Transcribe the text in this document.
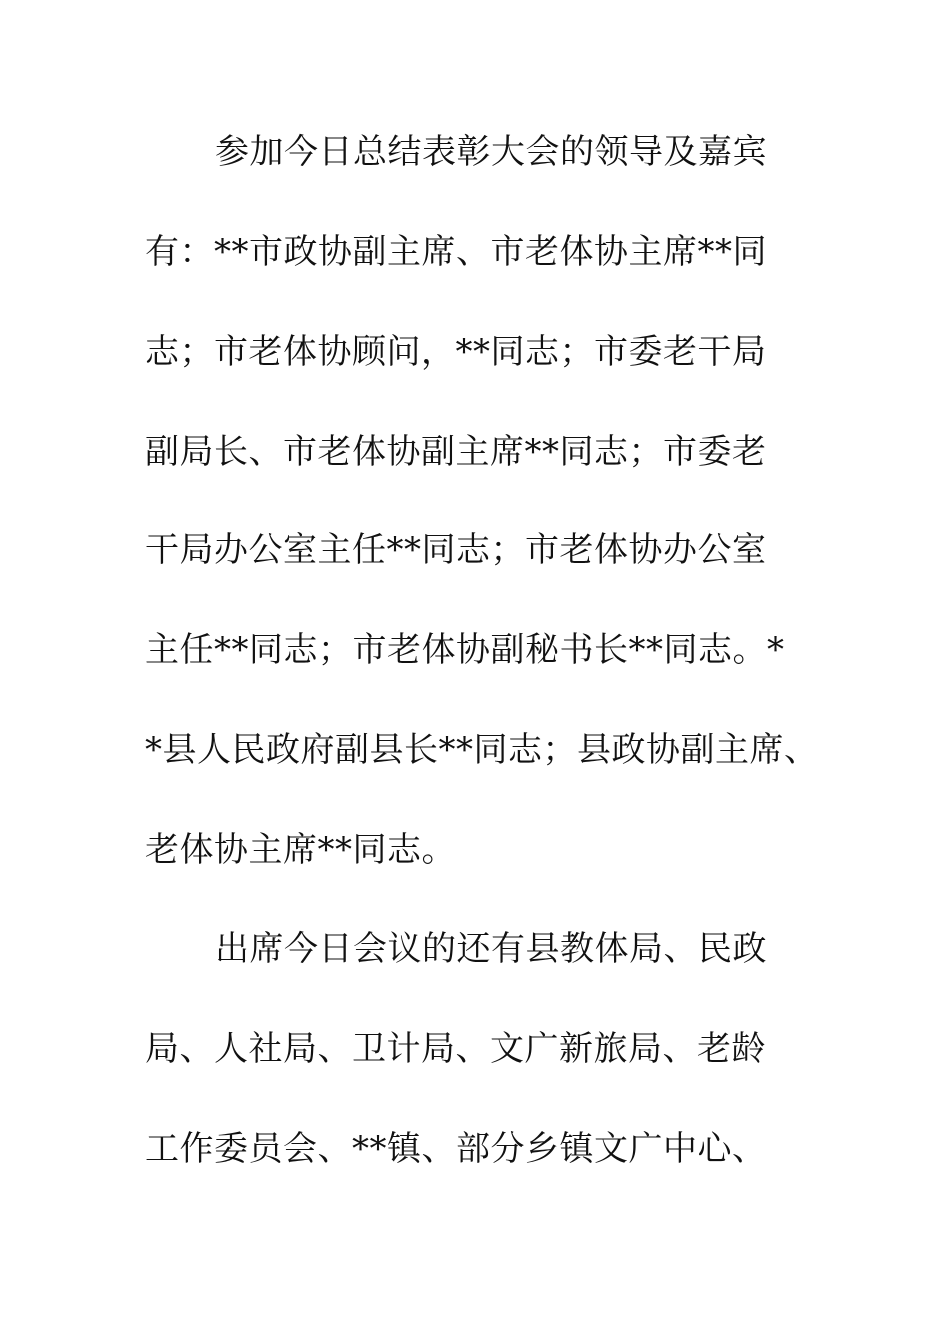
参加今日总结表彰大会的领导及嘉宾
有：**市政协副主席、市老体协主席**同
志；市老体协顾问，**同志；市委老干局
副局长、市老体协副主席**同志；市委老
干局办公室主任**同志；市老体协办公室
主任**同志；市老体协副秘书长**同志。*
*县人民政府副县长**同志；县政协副主席、
老体协主席**同志。
出席今日会议的还有县教体局、民政
局、人社局、卫计局、文广新旅局、老龄
工作委员会、**镇、部分乡镇文广中心、
